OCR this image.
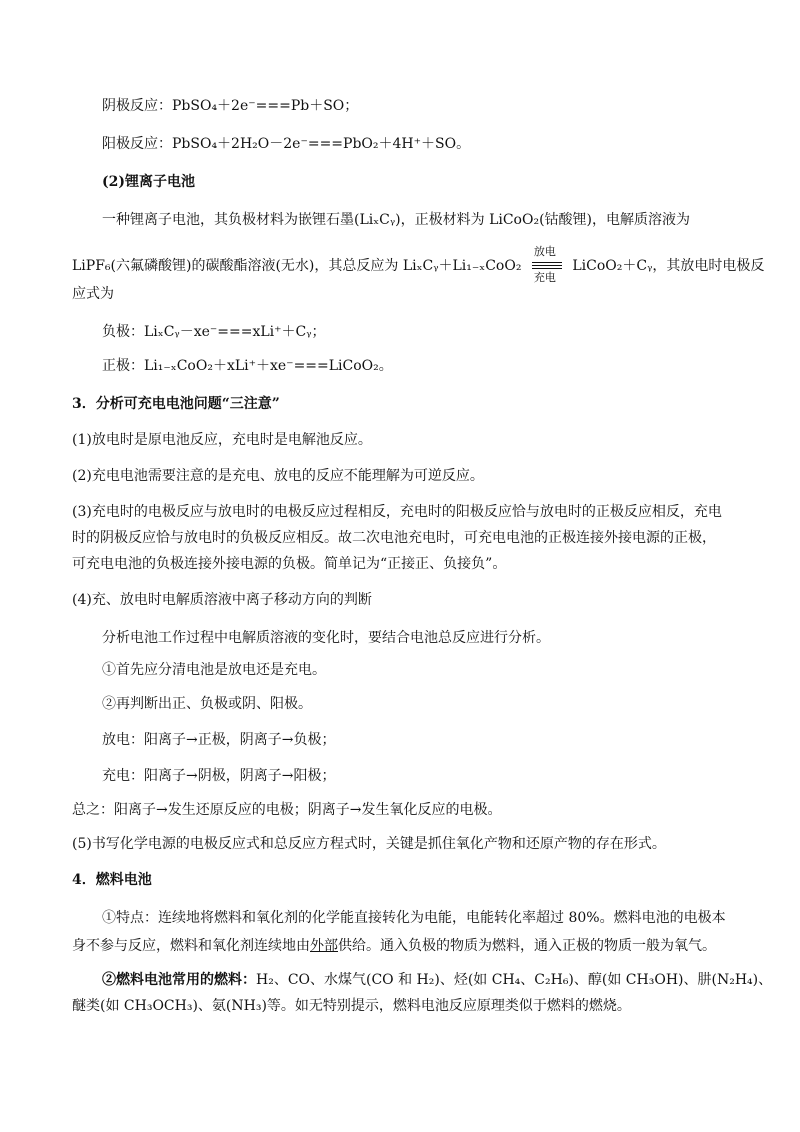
阴极反应：PbSO₄＋2e⁻===Pb＋SO；
阳极反应：PbSO₄＋2H₂O－2e⁻===PbO₂＋4H⁺＋SO。
(2)锂离子电池
一种锂离子电池，其负极材料为嵌锂石墨(LiₓCᵧ)，正极材料为 LiCoO₂(钴酸锂)，电解质溶液为
LiPF₆(六氟磷酸锂)的碳酸酯溶液(无水)，其总反应为 LiₓCᵧ＋Li₁₋ₓCoO₂
放电
充电
LiCoO₂＋Cᵧ，其放电时电极反
应式为
负极：LiₓCᵧ－xe⁻===xLi⁺＋Cᵧ；
正极：Li₁₋ₓCoO₂＋xLi⁺＋xe⁻===LiCoO₂。
3．分析可充电电池问题“三注意”
(1)放电时是原电池反应，充电时是电解池反应。
(2)充电电池需要注意的是充电、放电的反应不能理解为可逆反应。
(3)充电时的电极反应与放电时的电极反应过程相反，充电时的阳极反应恰与放电时的正极反应相反，充电
时的阴极反应恰与放电时的负极反应相反。故二次电池充电时，可充电电池的正极连接外接电源的正极，
可充电电池的负极连接外接电源的负极。简单记为“正接正、负接负”。
(4)充、放电时电解质溶液中离子移动方向的判断
分析电池工作过程中电解质溶液的变化时，要结合电池总反应进行分析。
①首先应分清电池是放电还是充电。
②再判断出正、负极或阴、阳极。
放电：阳离子→正极，阴离子→负极；
充电：阳离子→阴极，阴离子→阳极；
总之：阳离子→发生还原反应的电极；阴离子→发生氧化反应的电极。
(5)书写化学电源的电极反应式和总反应方程式时，关键是抓住氧化产物和还原产物的存在形式。
4．燃料电池
①特点：连续地将燃料和氧化剂的化学能直接转化为电能，电能转化率超过 80%。燃料电池的电极本
身不参与反应，燃料和氧化剂连续地由外部供给。通入负极的物质为燃料，通入正极的物质一般为氧气。
②燃料电池常用的燃料：H₂、CO、水煤气(CO 和 H₂)、烃(如 CH₄、C₂H₆)、醇(如 CH₃OH)、肼(N₂H₄)、
醚类(如 CH₃OCH₃)、氨(NH₃)等。如无特别提示，燃料电池反应原理类似于燃料的燃烧。
